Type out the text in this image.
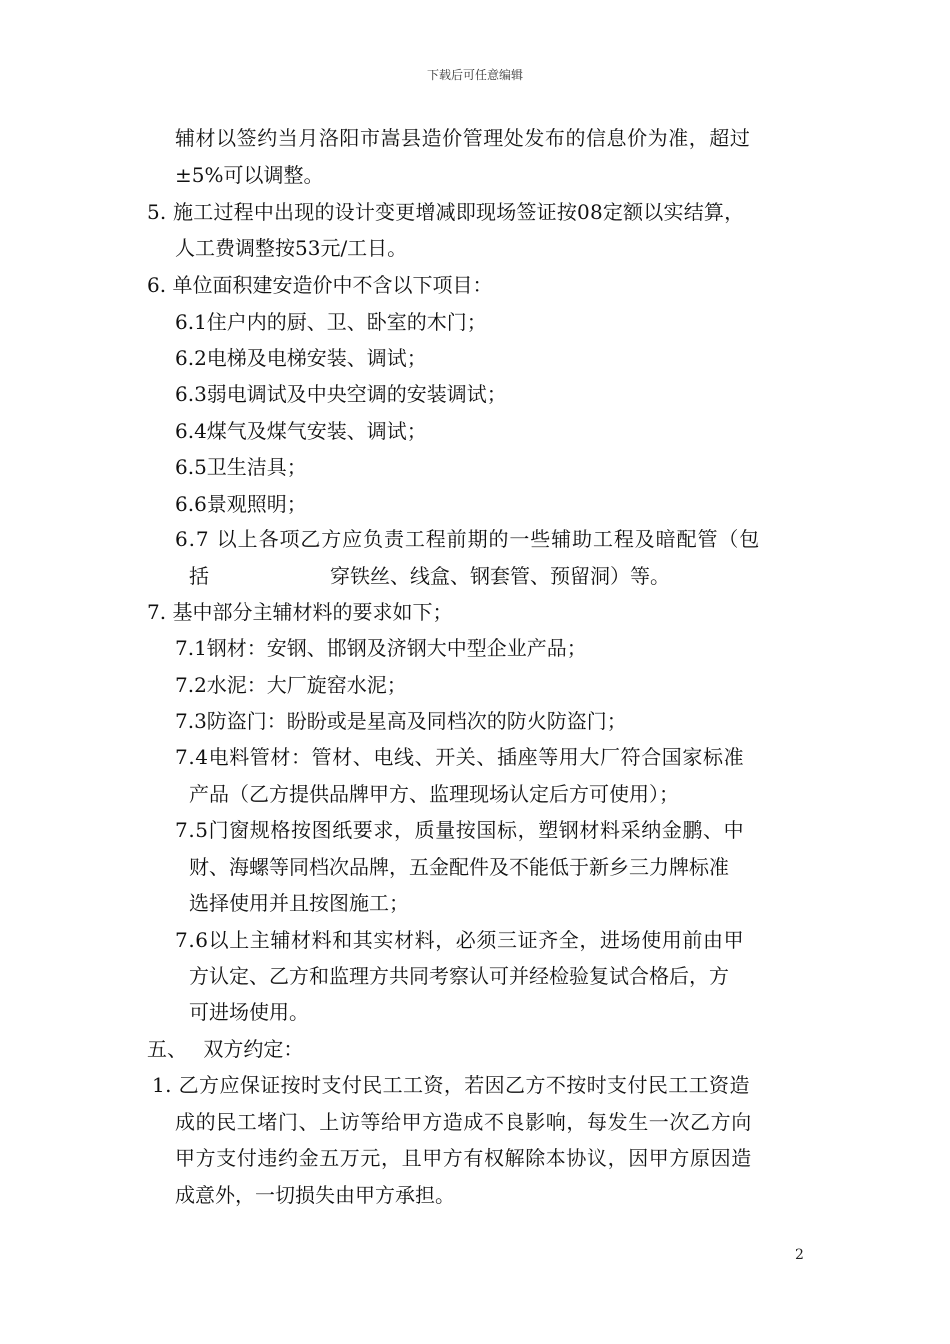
下载后可任意编辑
辅材以签约当月洛阳市嵩县造价管理处发布的信息价为准，超过
±5%可以调整。
5. 施工过程中出现的设计变更增减即现场签证按08定额以实结算，
人工费调整按53元/工日。
6. 单位面积建安造价中不含以下项目：
6.1住户内的厨、卫、卧室的木门；
6.2电梯及电梯安装、调试；
6.3弱电调试及中央空调的安装调试；
6.4煤气及煤气安装、调试；
6.5卫生洁具；
6.6景观照明；
6.7 以上各项乙方应负责工程前期的一些辅助工程及暗配管（包
括	穿铁丝、线盒、钢套管、预留洞）等。
7. 基中部分主辅材料的要求如下；
7.1钢材：安钢、邯钢及济钢大中型企业产品；
7.2水泥：大厂旋窑水泥；
7.3防盗门：盼盼或是星高及同档次的防火防盗门；
7.4电料管材：管材、电线、开关、插座等用大厂符合国家标准
产品（乙方提供品牌甲方、监理现场认定后方可使用）；
7.5门窗规格按图纸要求，质量按国标，塑钢材料采纳金鹏、中
财、海螺等同档次品牌，五金配件及不能低于新乡三力牌标准
选择使用并且按图施工；
7.6以上主辅材料和其实材料，必须三证齐全，进场使用前由甲
方认定、乙方和监理方共同考察认可并经检验复试合格后，方
可进场使用。
五、　 双方约定：
1. 乙方应保证按时支付民工工资，若因乙方不按时支付民工工资造
成的民工堵门、上访等给甲方造成不良影响，每发生一次乙方向
甲方支付违约金五万元，且甲方有权解除本协议，因甲方原因造
成意外，一切损失由甲方承担。
2
